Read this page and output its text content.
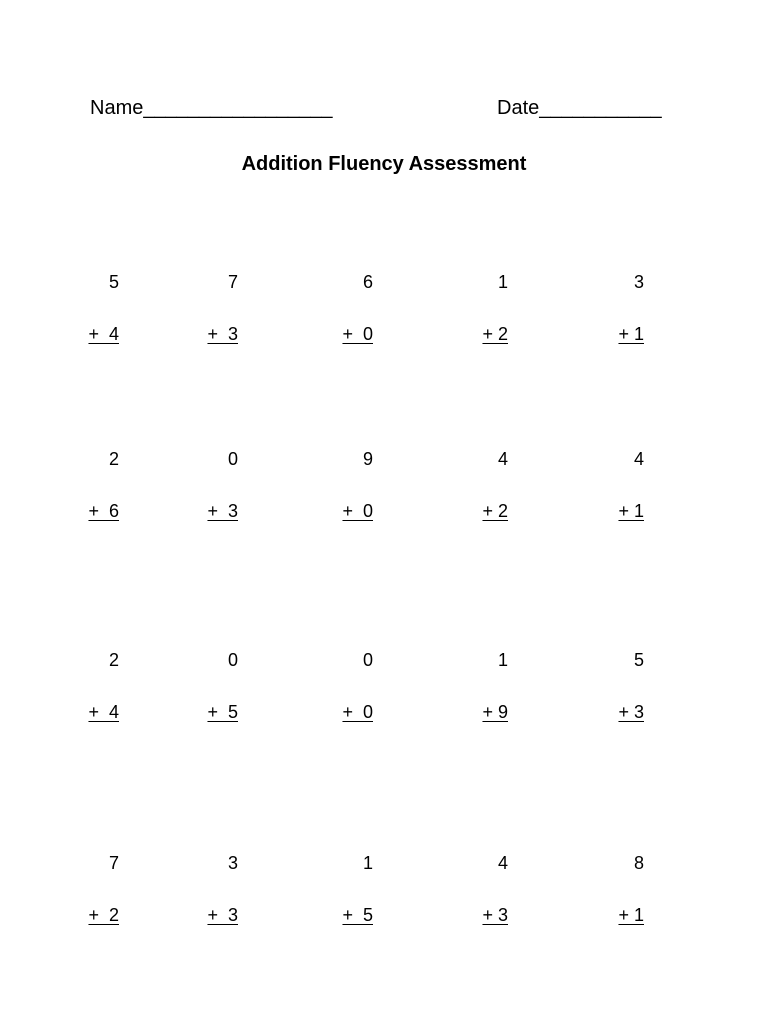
Name_________________	Date___________
Addition Fluency Assessment

5

+  4

7

+  3

6

+  0

1

+ 2

3

+ 1

2

+  6

0

+  3

9

+  0

4

+ 2

4

+ 1

2

+  4

0

+  5

0

+  0

1

+ 9

5

+ 3

7

+  2

3

+  3

1

+  5

4

+ 3

8

+ 1
